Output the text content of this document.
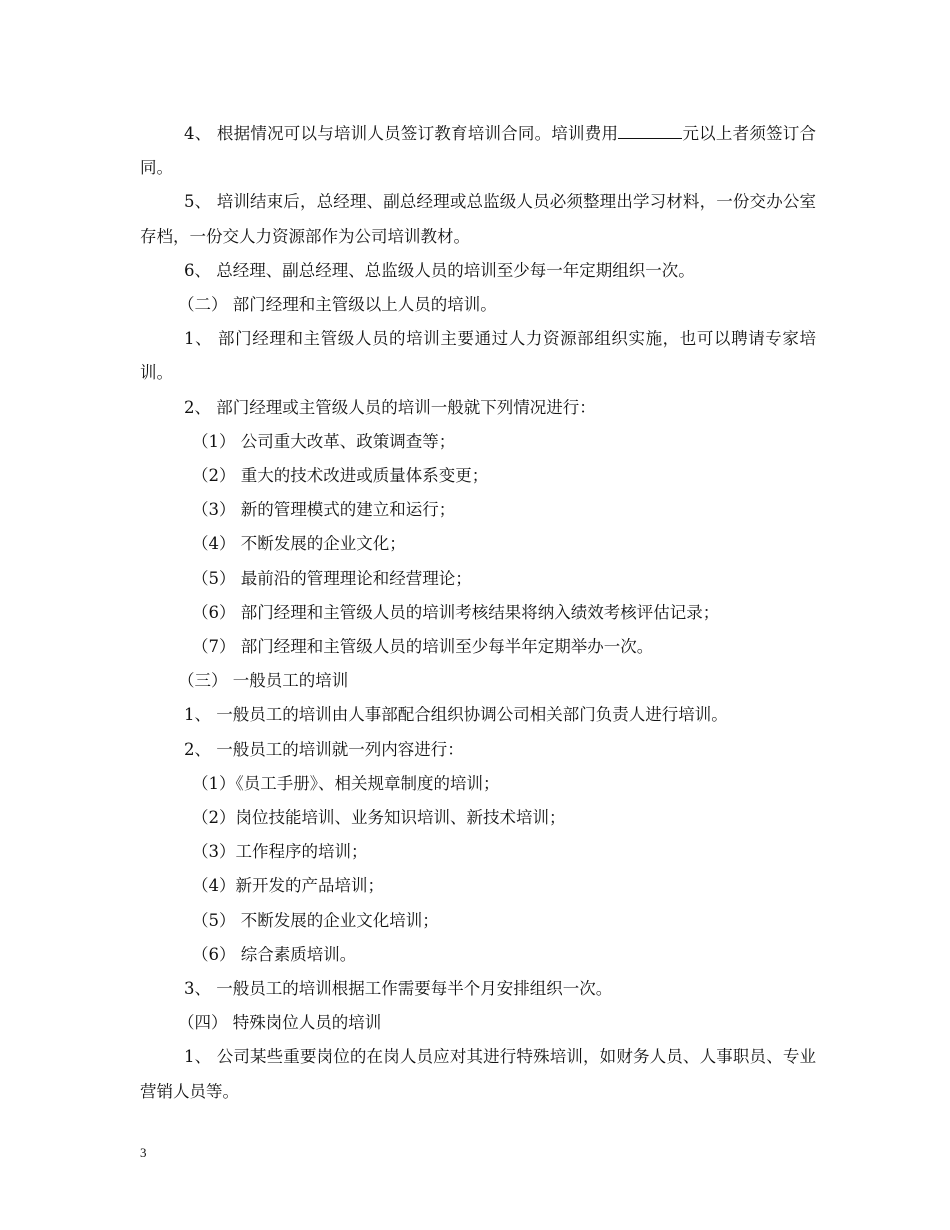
4、 根据情况可以与培训人员签订教育培训合同。培训费用	元以上者须签订合同。

5、 培训结束后，总经理、副总经理或总监级人员必须整理出学习材料，一份交办公室存档，一份交人力资源部作为公司培训教材。

6、 总经理、副总经理、总监级人员的培训至少每一年定期组织一次。

（二） 部门经理和主管级以上人员的培训。

1、 部门经理和主管级人员的培训主要通过人力资源部组织实施，也可以聘请专家培训。

2、 部门经理或主管级人员的培训一般就下列情况进行：

（1） 公司重大改革、政策调查等；

（2） 重大的技术改进或质量体系变更；

（3） 新的管理模式的建立和运行；

（4） 不断发展的企业文化；

（5） 最前沿的管理理论和经营理论；

（6） 部门经理和主管级人员的培训考核结果将纳入绩效考核评估记录；

（7） 部门经理和主管级人员的培训至少每半年定期举办一次。

（三） 一般员工的培训

1、 一般员工的培训由人事部配合组织协调公司相关部门负责人进行培训。

2、 一般员工的培训就一列内容进行：

（1）《员工手册》、相关规章制度的培训；

（2）岗位技能培训、业务知识培训、新技术培训；

（3）工作程序的培训；

（4）新开发的产品培训；

（5） 不断发展的企业文化培训；

（6） 综合素质培训。

3、 一般员工的培训根据工作需要每半个月安排组织一次。

（四） 特殊岗位人员的培训

1、 公司某些重要岗位的在岗人员应对其进行特殊培训，如财务人员、人事职员、专业营销人员等。

3
